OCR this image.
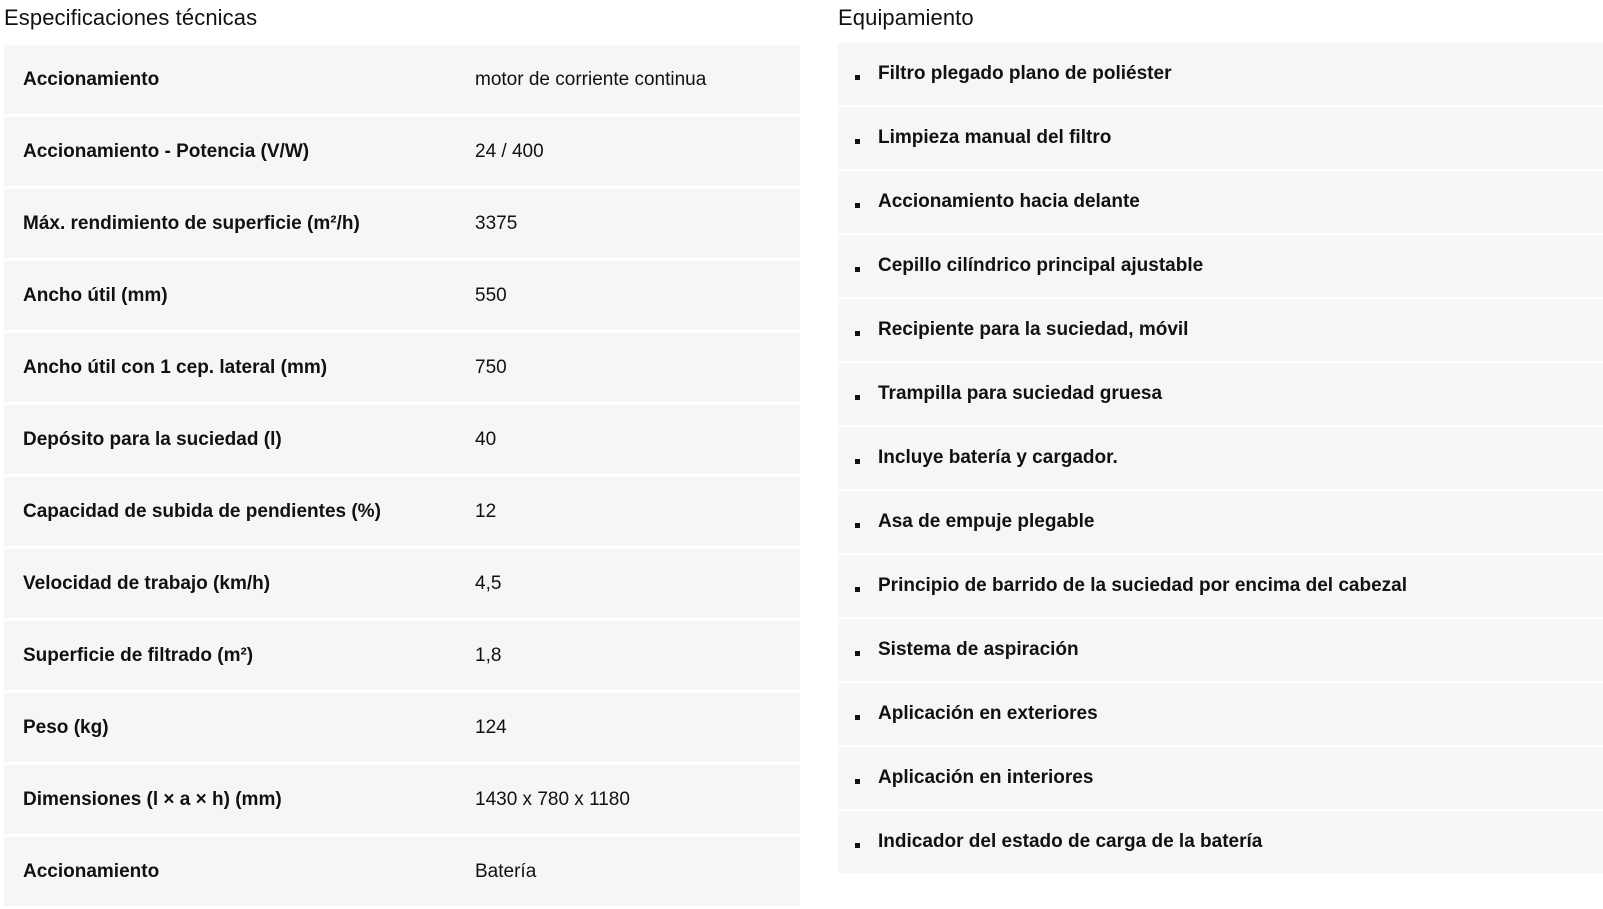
Especificaciones técnicas
Accionamiento	motor de corriente continua
Accionamiento - Potencia (V/W)	24 / 400
Máx. rendimiento de superficie (m²/h)	3375
Ancho útil (mm)	550
Ancho útil con 1 cep. lateral (mm)	750
Depósito para la suciedad (l)	40
Capacidad de subida de pendientes (%)	12
Velocidad de trabajo (km/h)	4,5
Superficie de filtrado (m²)	1,8
Peso (kg)	124
Dimensiones (l × a × h) (mm)	1430 x 780 x 1180
Accionamiento	Batería
Equipamiento
Filtro plegado plano de poliéster
Limpieza manual del filtro
Accionamiento hacia delante
Cepillo cilíndrico principal ajustable
Recipiente para la suciedad, móvil
Trampilla para suciedad gruesa
Incluye batería y cargador.
Asa de empuje plegable
Principio de barrido de la suciedad por encima del cabezal
Sistema de aspiración
Aplicación en exteriores
Aplicación en interiores
Indicador del estado de carga de la batería
